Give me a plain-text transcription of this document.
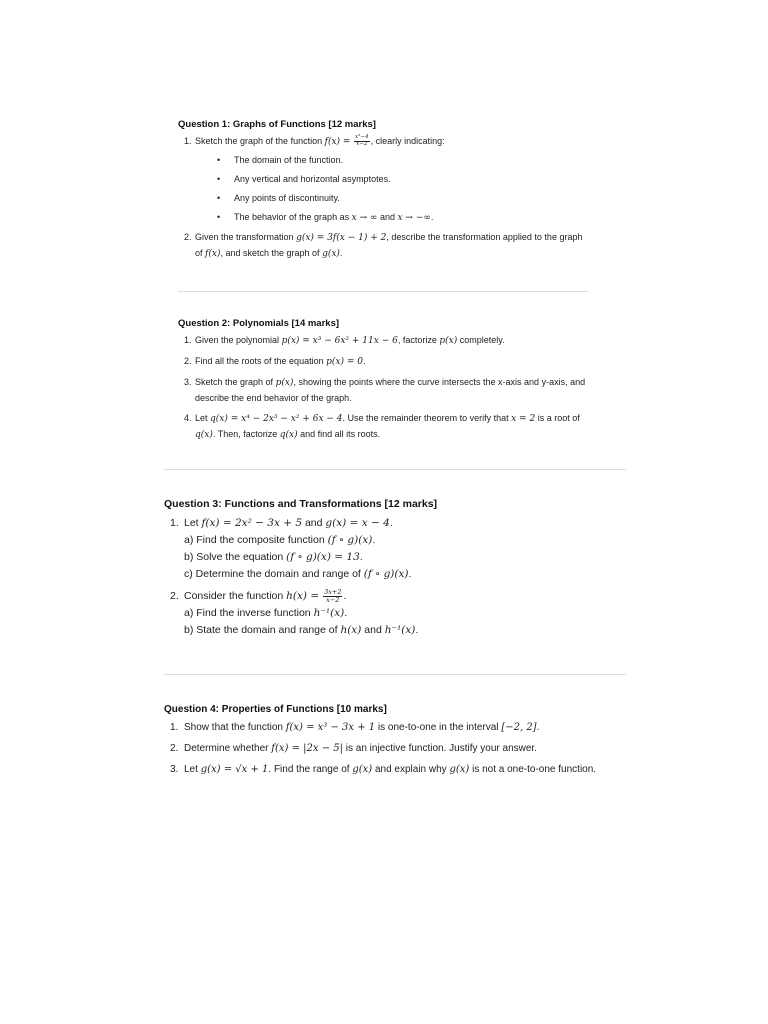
Question 1: Graphs of Functions [12 marks]
1. Sketch the graph of the function $f(x) = \frac{\text{x²−4}}{x-2}$ , clearly indicating:
• The domain of the function.
• Any vertical and horizontal asymptotes.
• Any points of discontinuity.
• The behavior of the graph as x → ∞ and x → −∞.
2. Given the transformation g(x) = 3f(x − 1) + 2, describe the transformation applied to the graph of f(x), and sketch the graph of g(x).
Question 2: Polynomials [14 marks]
1. Given the polynomial p(x) = x³ − 6x² + 11x − 6, factorize p(x) completely.
2. Find all the roots of the equation p(x) = 0.
3. Sketch the graph of p(x), showing the points where the curve intersects the x-axis and y-axis, and describe the end behavior of the graph.
4. Let q(x) = x⁴ − 2x³ − x² + 6x − 4. Use the remainder theorem to verify that x = 2 is a root of q(x). Then, factorize q(x) and find all its roots.
Question 3: Functions and Transformations [12 marks]
1. Let f(x) = 2x² − 3x + 5 and g(x) = x − 4.
a) Find the composite function (f ∘ g)(x).
b) Solve the equation (f ∘ g)(x) = 13.
c) Determine the domain and range of (f ∘ g)(x).
2. Consider the function $h(x) = \frac{3x+2}{x-2}$ .
a) Find the inverse function h⁻¹(x).
b) State the domain and range of h(x) and h⁻¹(x).
Question 4: Properties of Functions [10 marks]
1. Show that the function f(x) = x³ − 3x + 1 is one-to-one in the interval [−2, 2].
2. Determine whether f(x) = |2x − 5| is an injective function. Justify your answer.
3. Let g(x) = √x + 1. Find the range of g(x) and explain why g(x) is not a one-to-one function.
